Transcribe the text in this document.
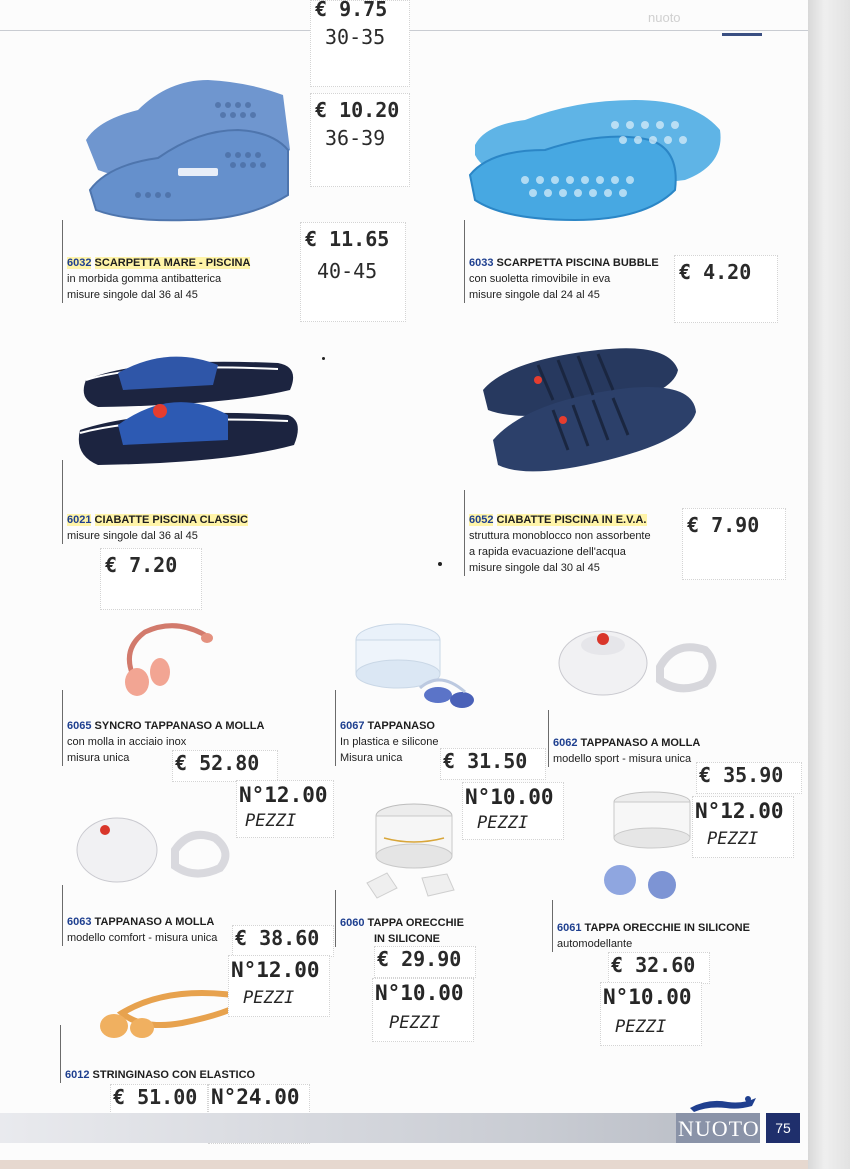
nuoto
6032 SCARPETTA MARE - PISCINA
in morbida gomma antibatterica
misure singole dal 36 al 45
6033 SCARPETTA PISCINA BUBBLE
con suoletta rimovibile in eva
misure singole dal 24 al 45
6021 CIABATTE PISCINA CLASSIC
misure singole dal 36 al 45
6052 CIABATTE PISCINA IN E.V.A.
struttura monoblocco non assorbente
a rapida evacuazione dell'acqua
misure singole dal 30 al 45
6065 SYNCRO TAPPANASO A MOLLA
con molla in acciaio inox
misura unica
6067 TAPPANASO
In plastica e silicone
Misura unica
6062 TAPPANASO A MOLLA
modello sport - misura unica
6063 TAPPANASO A MOLLA
modello comfort - misura unica
6060 TAPPA ORECCHIE
IN SILICONE
6061 TAPPA ORECCHIE IN SILICONE
automodellante
6012 STRINGINASO CON ELASTICO
€ 9.75
30-35
€ 10.20
36-39
€ 11.65
40-45	€ 4.20
€ 7.90
€ 7.20
€ 52.80
N°12.00
PEZZI
€ 31.50
N°10.00
PEZZI
€ 35.90
N°12.00
PEZZI
€ 38.60
N°12.00
PEZZI
€ 29.90
N°10.00
PEZZI
€ 32.60
N°10.00
PEZZI
€ 51.00 N°24.00
NUOTO	75
